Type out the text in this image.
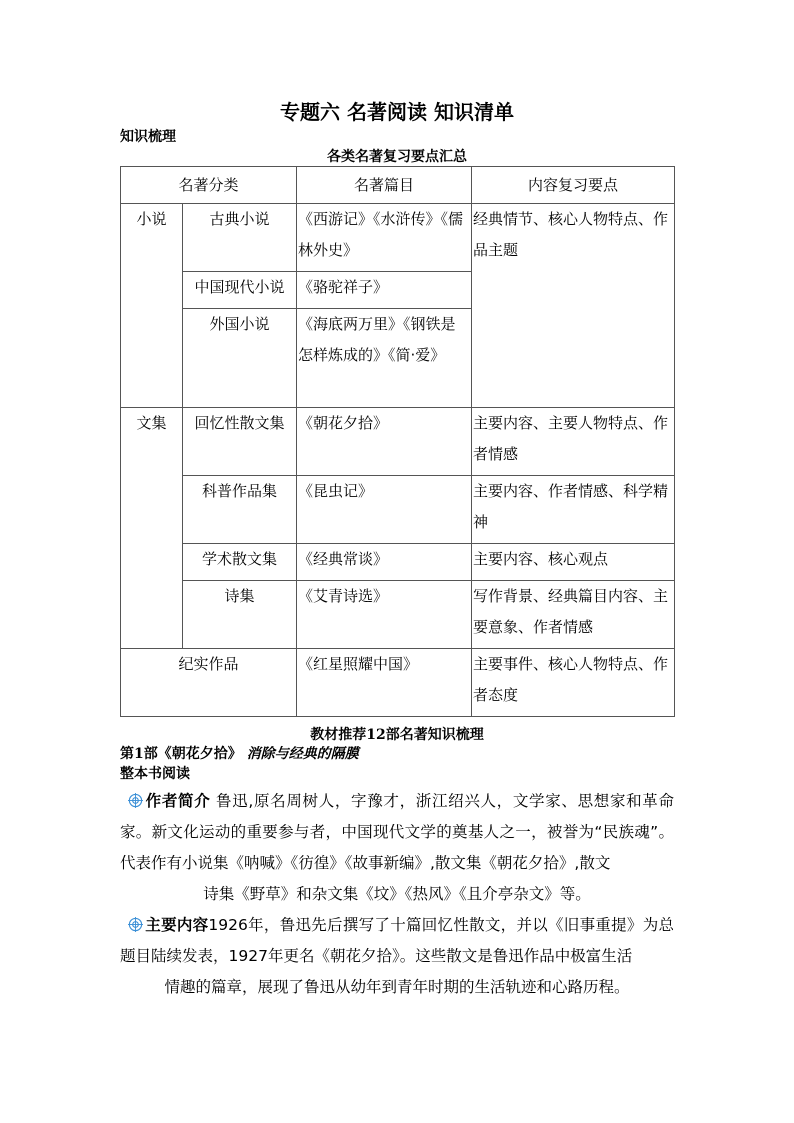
专题六 名著阅读 知识清单
知识梳理
各类名著复习要点汇总
名著分类		名著篇目	内容复习要点
小说	古典小说	《西游记》《水浒传》《儒林外史》	经典情节、核心人物特点、作品主题
	中国现代小说	《骆驼祥子》	
	外国小说	《海底两万里》《钢铁是怎样炼成的》《简·爱》	
文集	回忆性散文集	《朝花夕拾》	主要内容、主要人物特点、作者情感
	科普作品集	《昆虫记》	主要内容、作者情感、科学精神
	学术散文集	《经典常谈》	主要内容、核心观点
	诗集	《艾青诗选》	写作背景、经典篇目内容、主要意象、作者情感
纪实作品		《红星照耀中国》	主要事件、核心人物特点、作者态度
教材推荐12部名著知识梳理
第1部《朝花夕拾》 消除与经典的隔膜
整本书阅读
作者简介 鲁迅,原名周树人，字豫才，浙江绍兴人，文学家、思想家和革命家。新文化运动的重要参与者，中国现代文学的奠基人之一，被誉为“民族魂”。代表作有小说集《呐喊》《彷徨》《故事新编》,散文集《朝花夕拾》,散文
诗集《野草》和杂文集《坟》《热风》《且介亭杂文》等。
主要内容1926年，鲁迅先后撰写了十篇回忆性散文，并以《旧事重提》为总题目陆续发表，1927年更名《朝花夕拾》。这些散文是鲁迅作品中极富生活
情趣的篇章，展现了鲁迅从幼年到青年时期的生活轨迹和心路历程。
